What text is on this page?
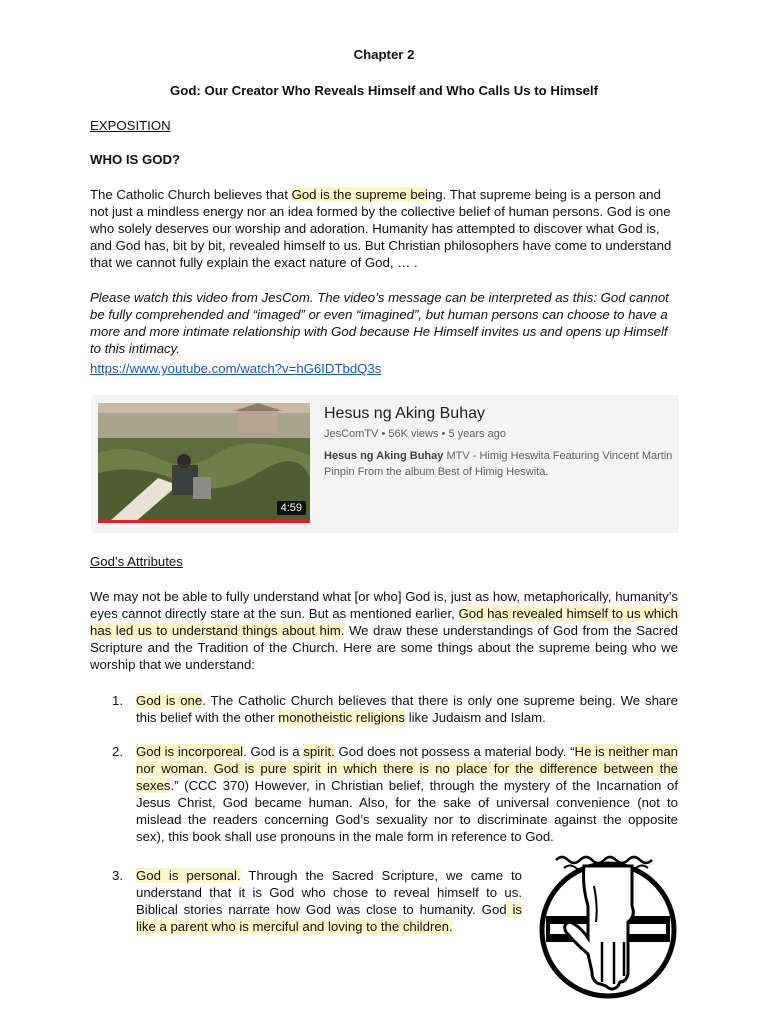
Chapter 2
God: Our Creator Who Reveals Himself and Who Calls Us to Himself
EXPOSITION
WHO IS GOD?
The Catholic Church believes that God is the supreme being. That supreme being is a person and not just a mindless energy nor an idea formed by the collective belief of human persons. God is one who solely deserves our worship and adoration. Humanity has attempted to discover what God is, and God has, bit by bit, revealed himself to us. But Christian philosophers have come to understand that we cannot fully explain the exact nature of God, … .
Please watch this video from JesCom. The video’s message can be interpreted as this: God cannot be fully comprehended and “imaged” or even “imagined”, but human persons can choose to have a more and more intimate relationship with God because He Himself invites us and opens up Himself to this intimacy.
https://www.youtube.com/watch?v=hG6IDTbdQ3s
4:59
Hesus ng Aking Buhay
JesComTV • 56K views • 5 years ago
Hesus ng Aking Buhay MTV - Himig Heswita Featuring Vincent Martin Pinpin From the album Best of Himig Heswita.
God’s Attributes
We may not be able to fully understand what [or who] God is, just as how, metaphorically, humanity’s eyes cannot directly stare at the sun. But as mentioned earlier, God has revealed himself to us which has led us to understand things about him. We draw these understandings of God from the Sacred Scripture and the Tradition of the Church. Here are some things about the supreme being who we worship that we understand:
1. God is one. The Catholic Church believes that there is only one supreme being. We share this belief with the other monotheistic religions like Judaism and Islam.
2. God is incorporeal. God is a spirit. God does not possess a material body. “He is neither man nor woman. God is pure spirit in which there is no place for the difference between the sexes.” (CCC 370) However, in Christian belief, through the mystery of the Incarnation of Jesus Christ, God became human. Also, for the sake of universal convenience (not to mislead the readers concerning God’s sexuality nor to discriminate against the opposite sex), this book shall use pronouns in the male form in reference to God.
3. God is personal. Through the Sacred Scripture, we came to understand that it is God who chose to reveal himself to us. Biblical stories narrate how God was close to humanity. God is like a parent who is merciful and loving to the children.
